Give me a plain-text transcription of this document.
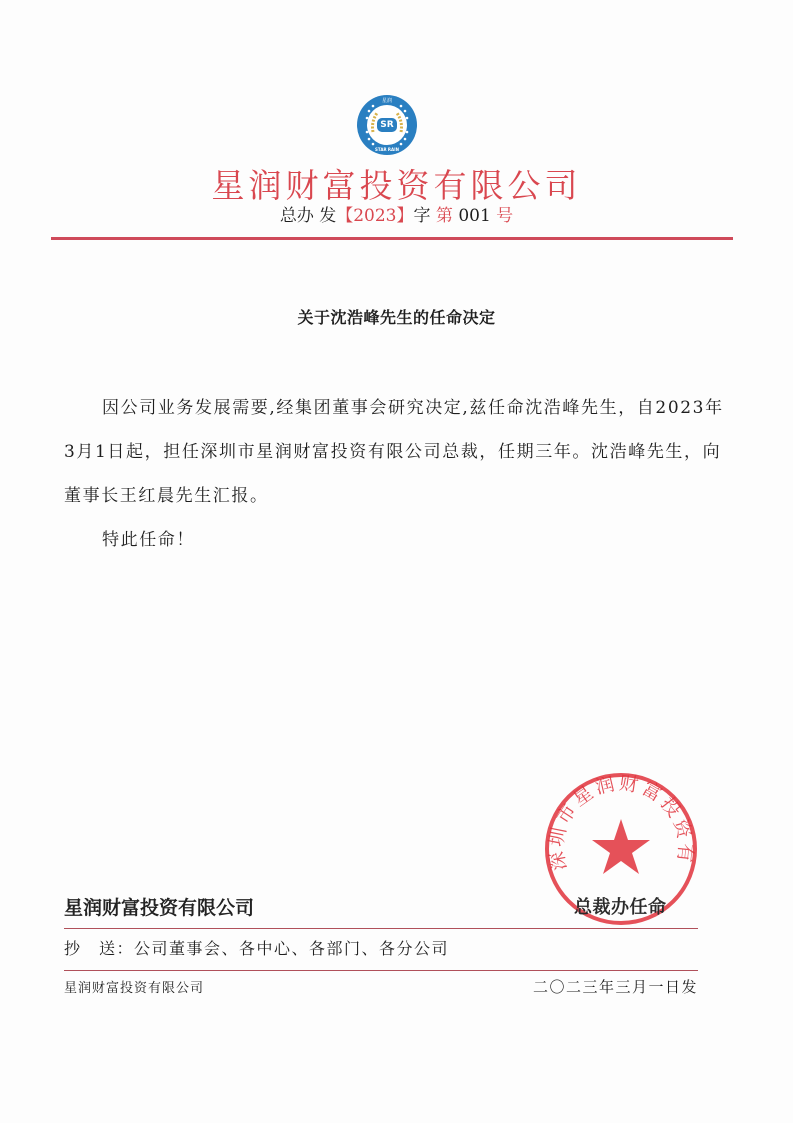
SR
星润
STAR RAIN
星润财富投资有限公司
总办 发【2023】字 第 001 号
关于沈浩峰先生的任命决定

因公司业务发展需要,经集团董事会研究决定,兹任命沈浩峰先生，自2023年3月1日起，担任深圳市星润财富投资有限公司总裁，任期三年。沈浩峰先生，向董事长王红晨先生汇报。

特此任命！

深圳市星润财富投资有
总裁办任命
星润财富投资有限公司
抄　送：公司董事会、各中心、各部门、各分公司
星润财富投资有限公司	二〇二三年三月一日发
